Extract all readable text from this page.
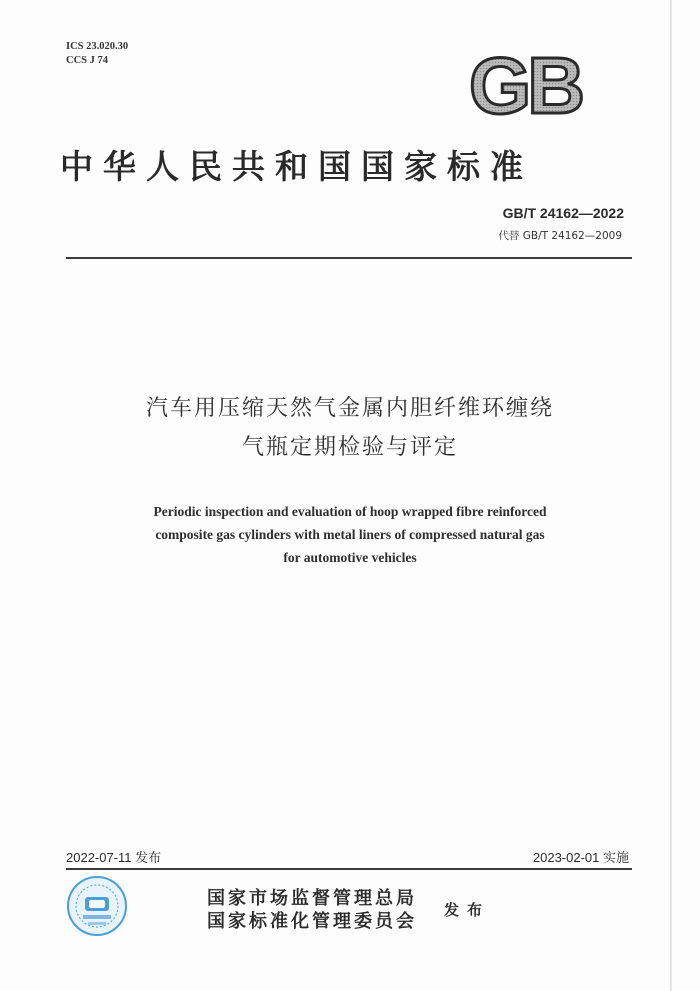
ICS 23.020.30
CCS J 74	GB
中华人民共和国国家标准
GB/T 24162—2022
代替 GB/T 24162—2009
汽车用压缩天然气金属内胆纤维环缠绕
气瓶定期检验与评定
Periodic inspection and evaluation of hoop wrapped fibre reinforced
composite gas cylinders with metal liners of compressed natural gas
for automotive vehicles
2022-07-11 发布	2023-02-01 实施
国家市场监督管理总局
国家标准化管理委员会
发布
